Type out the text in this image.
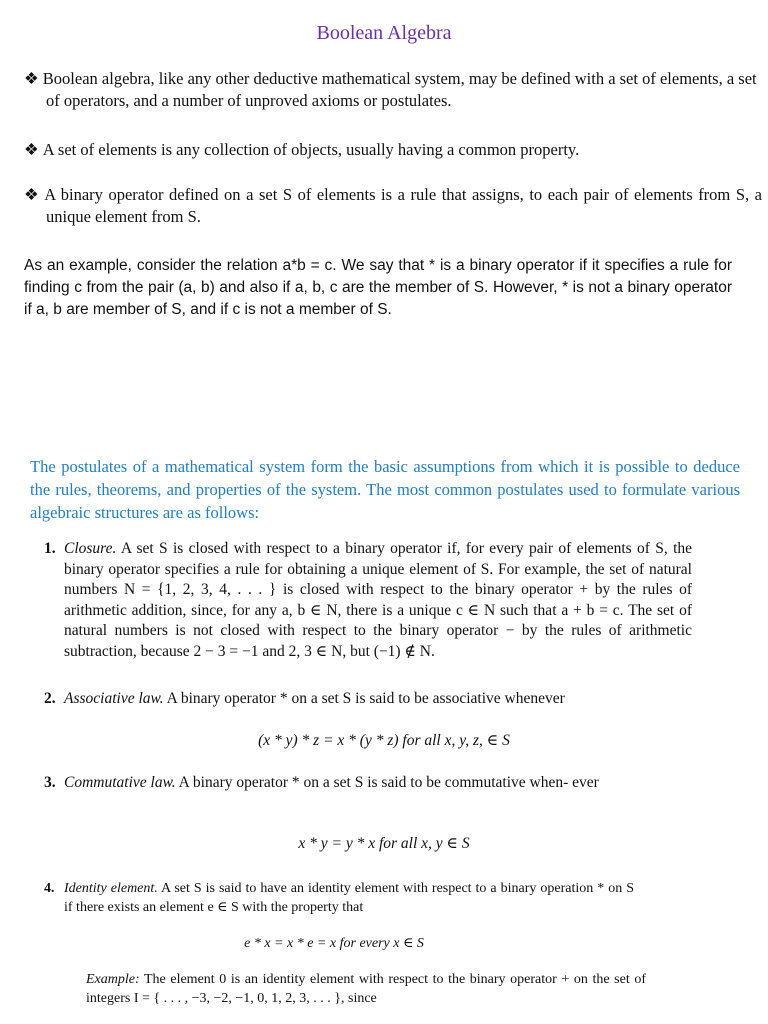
Boolean Algebra
❖ Boolean algebra, like any other deductive mathematical system, may be defined with a set of elements, a set of operators, and a number of unproved axioms or postulates.
❖ A set of elements is any collection of objects, usually having a common property.
❖ A binary operator defined on a set S of elements is a rule that assigns, to each pair of elements from S, a unique element from S.
As an example, consider the relation a*b = c. We say that * is a binary operator if it specifies a rule for finding c from the pair (a, b) and also if a, b, c are the member of S. However, * is not a binary operator if a, b are member of S, and if c is not a member of S.
The postulates of a mathematical system form the basic assumptions from which it is possible to deduce the rules, theorems, and properties of the system. The most common postulates used to formulate various algebraic structures are as follows:
1. Closure. A set S is closed with respect to a binary operator if, for every pair of elements of S, the binary operator specifies a rule for obtaining a unique element of S. For example, the set of natural numbers N = {1, 2, 3, 4, . . . } is closed with respect to the binary operator + by the rules of arithmetic addition, since, for any a, b ∈ N, there is a unique c ∈ N such that a + b = c. The set of natural numbers is not closed with respect to the binary operator − by the rules of arithmetic subtraction, because 2 − 3 = −1 and 2, 3 ∈ N, but (−1) ∉ N.
2. Associative law. A binary operator * on a set S is said to be associative whenever
(x * y) * z = x * (y * z) for all x, y, z, ∈ S
3. Commutative law. A binary operator * on a set S is said to be commutative when- ever
x * y = y * x for all x, y ∈ S
4. Identity element. A set S is said to have an identity element with respect to a binary operation * on S if there exists an element e ∈ S with the property that
e * x = x * e = x for every x ∈ S
Example: The element 0 is an identity element with respect to the binary operator + on the set of integers I = { . . . , −3, −2, −1, 0, 1, 2, 3, . . . }, since
